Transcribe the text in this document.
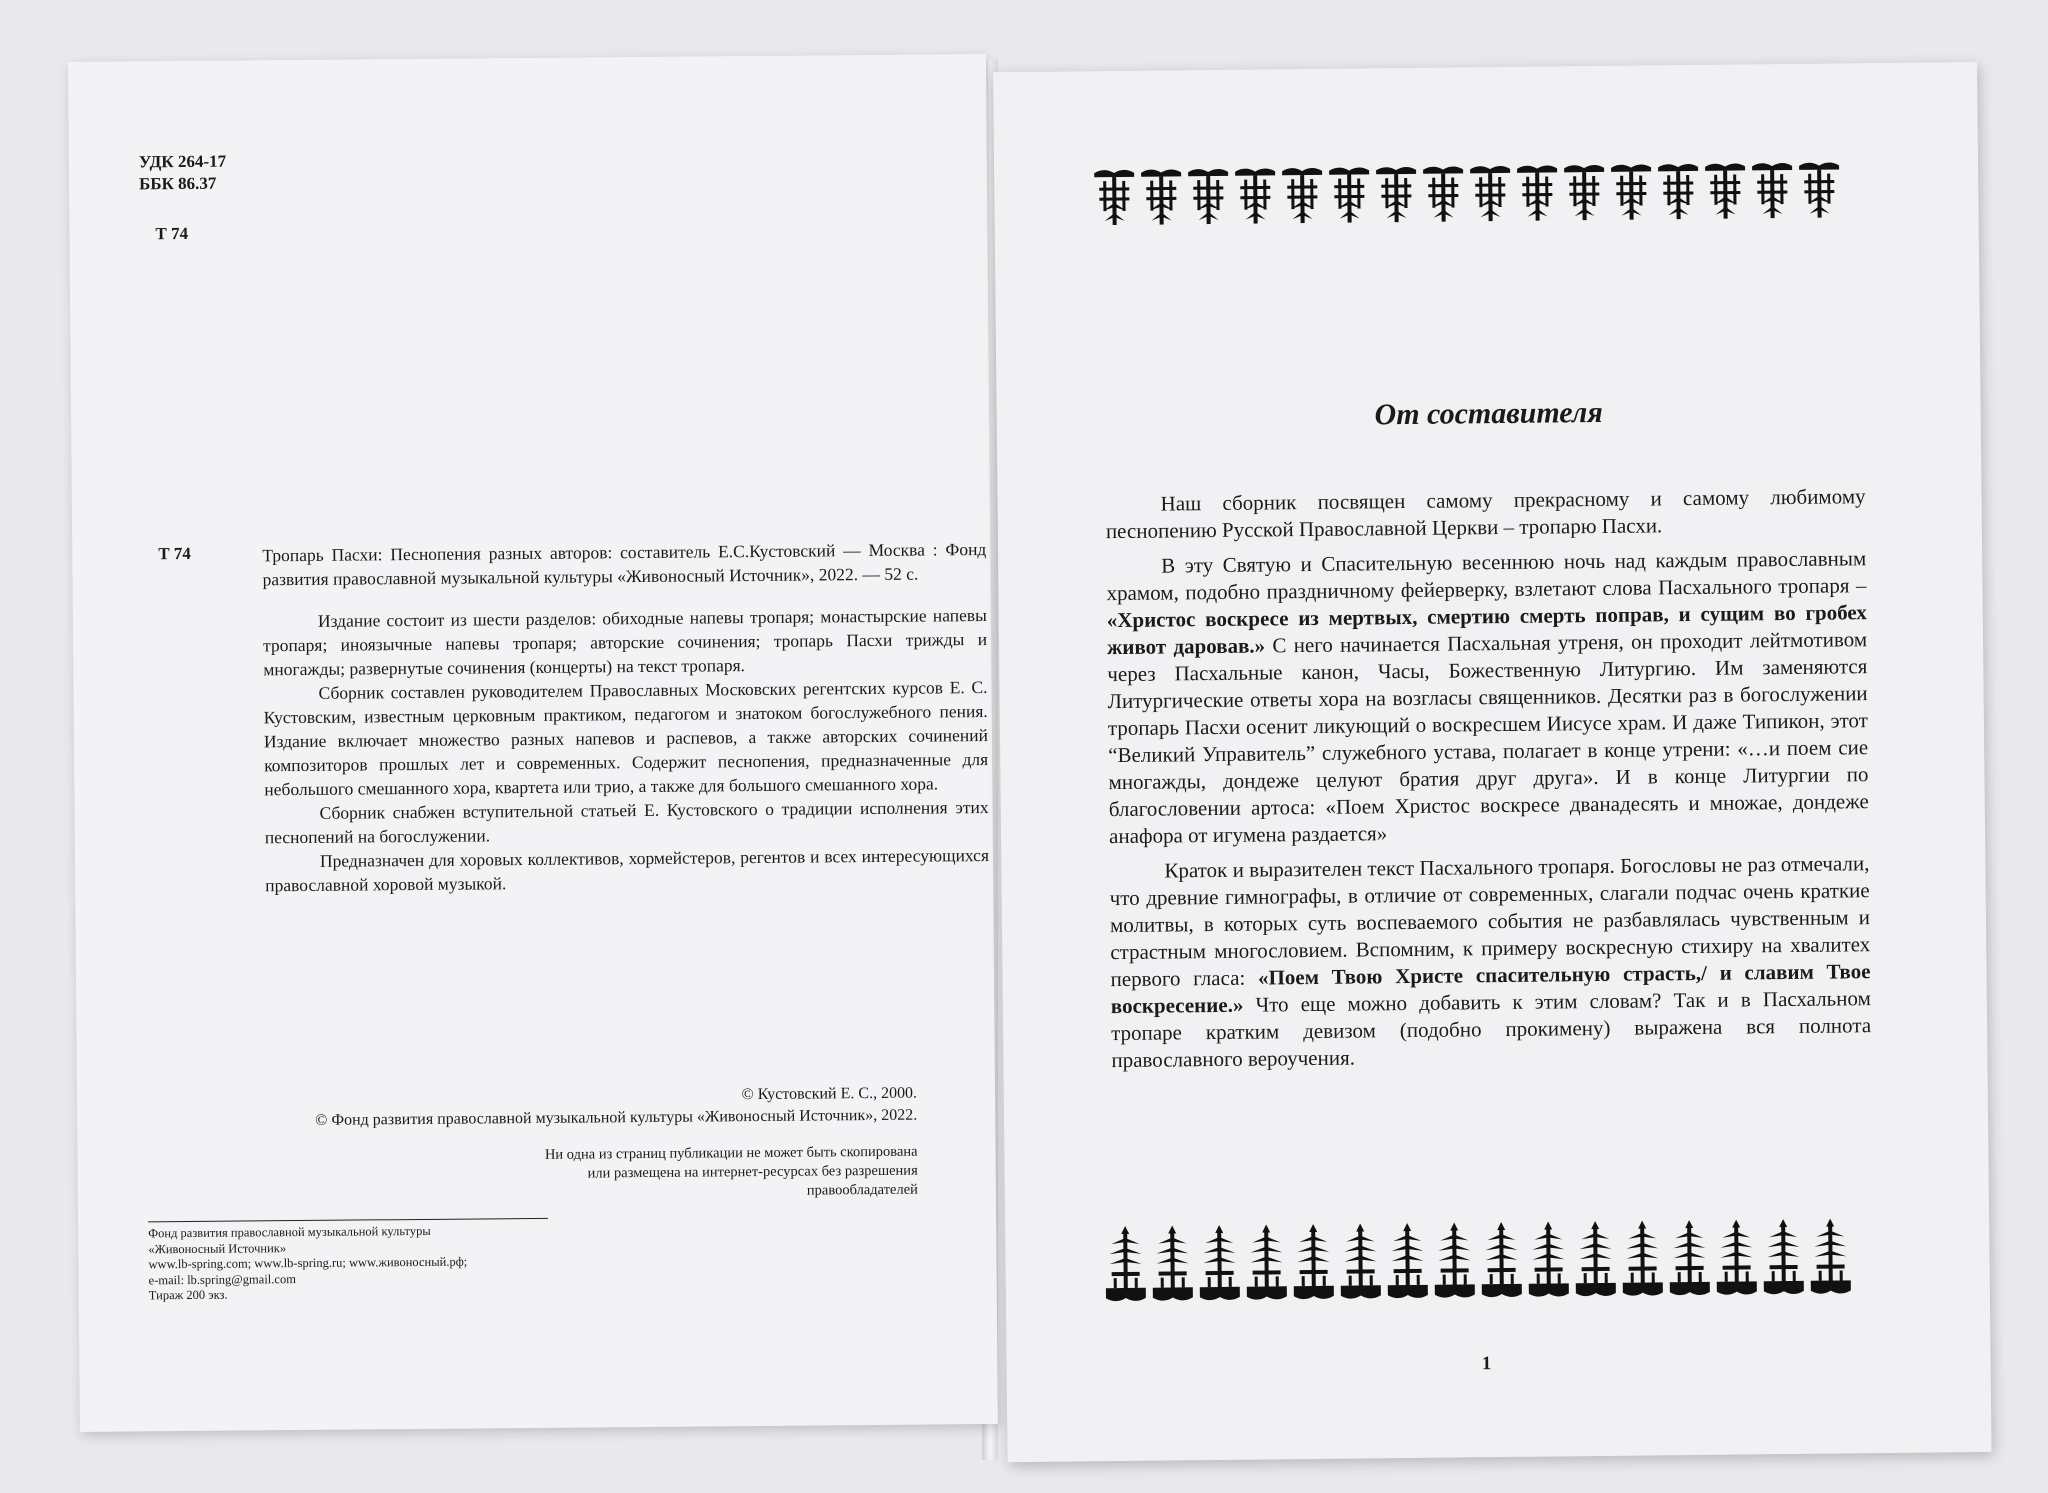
УДК 264-17
ББК 86.37
Т 74
Т 74	Тропарь Пасхи: Песнопения разных авторов: составитель Е.С.Кустовский — Москва : Фонд развития православной музыкальной культуры «Живоносный Источник», 2022. — 52 с.

Издание состоит из шести разделов: обиходные напевы тропаря; монастырские напевы тропаря; иноязычные напевы тропаря; авторские сочинения; тропарь Пасхи трижды и многажды; развернутые сочинения (концерты) на текст тропаря.

Сборник составлен руководителем Православных Московских регентских курсов Е. С. Кустовским, известным церковным практиком, педагогом и знатоком богослужебного пения. Издание включает множество разных напевов и распевов, а также авторских сочинений композиторов прошлых лет и современных. Содержит песнопения, предназначенные для небольшого смешанного хора, квартета или трио, а также для большого смешанного хора.

Сборник снабжен вступительной статьей Е. Кустовского о традиции исполнения этих песнопений на богослужении.

Предназначен для хоровых коллективов, хормейстеров, регентов и всех интересующихся православной хоровой музыкой.

© Кустовский Е. С., 2000.
© Фонд развития православной музыкальной культуры «Живоносный Источник», 2022.
Ни одна из страниц публикации не может быть скопирована
или размещена на интернет-ресурсах без разрешения
правообладателей
Фонд развития православной музыкальной культуры
«Живоносный Источник»
www.lb-spring.com; www.lb-spring.ru; www.живоносный.рф;
e-mail: lb.spring@gmail.com
Тираж 200 экз.
От составителя

Наш сборник посвящен самому прекрасному и самому любимому песнопению Русской Православной Церкви – тропарю Пасхи.

В эту Святую и Спасительную весеннюю ночь над каждым православным храмом, подобно праздничному фейерверку, взлетают слова Пасхального тропаря – «Христос воскресе из мертвых, смертию смерть поправ, и сущим во гробех живот даровав.» С него начинается Пасхальная утреня, он проходит лейтмотивом через Пасхальные канон, Часы, Божественную Литургию. Им заменяются Литургические ответы хора на возгласы священников. Десятки раз в богослужении тропарь Пасхи осенит ликующий о воскресшем Иисусе храм. И даже Типикон, этот “Великий Управитель” служебного устава, полагает в конце утрени: «…и поем сие многажды, дондеже целуют братия друг друга». И в конце Литургии по благословении артоса: «Поем Христос воскресе дванадесять и множае, дондеже анафора от игумена раздается»

Краток и выразителен текст Пасхального тропаря. Богословы не раз отмечали, что древние гимнографы, в отличие от современных, слагали подчас очень краткие молитвы, в которых суть воспеваемого события не разбавлялась чувственным и страстным многословием. Вспомним, к примеру воскресную стихиру на хвалитех первого гласа: «Поем Твою Христе спасительную страсть,/ и славим Твое воскресение.» Что еще можно добавить к этим словам? Так и в Пасхальном тропаре кратким девизом (подобно прокимену) выражена вся полнота православного вероучения.

1
